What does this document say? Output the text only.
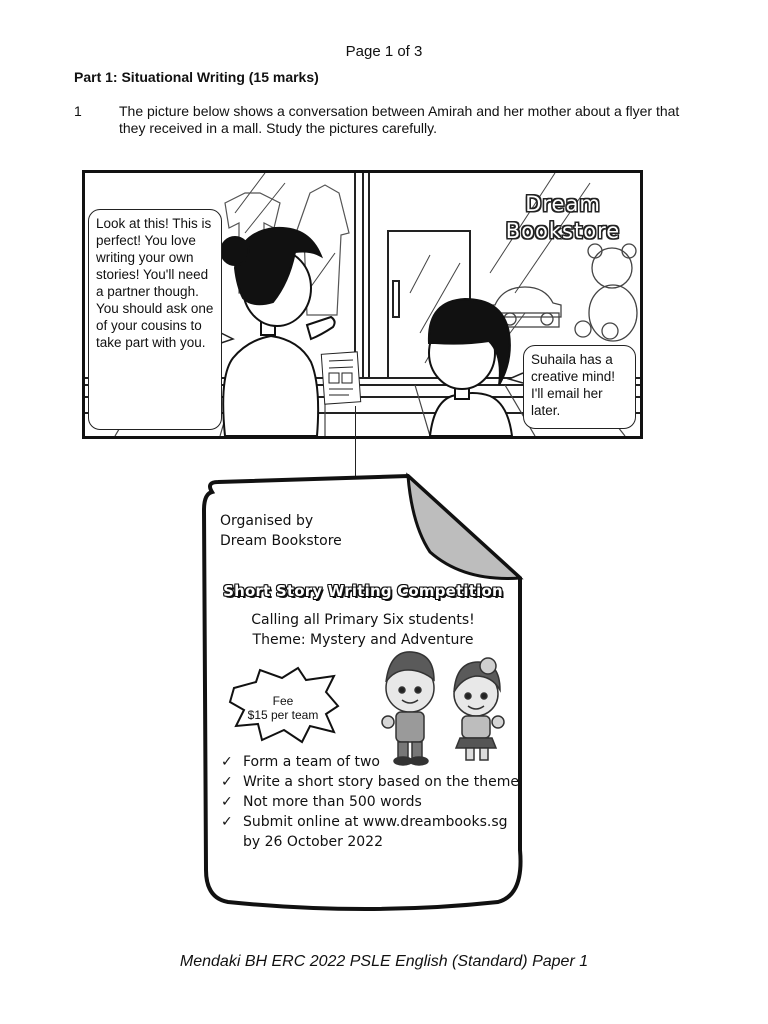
Page 1 of 3
Part 1: Situational Writing (15 marks)
1	The picture below shows a conversation between Amirah and her mother about a flyer that they received in a mall. Study the pictures carefully.
Dream
Bookstore
Look at this! This is perfect! You love writing your own stories! You'll need a partner though. You should ask one of your cousins to take part with you.
Suhaila has a creative mind! I'll email her later.
Organised by
Dream Bookstore
Short Story Writing Competition
Calling all Primary Six students!
Theme: Mystery and Adventure
Fee
$15 per team
✓ Form a team of two
✓ Write a short story based on the theme
✓ Not more than 500 words
✓ Submit online at www.dreambooks.sg by 26 October 2022
Mendaki BH ERC 2022 PSLE English (Standard) Paper 1
